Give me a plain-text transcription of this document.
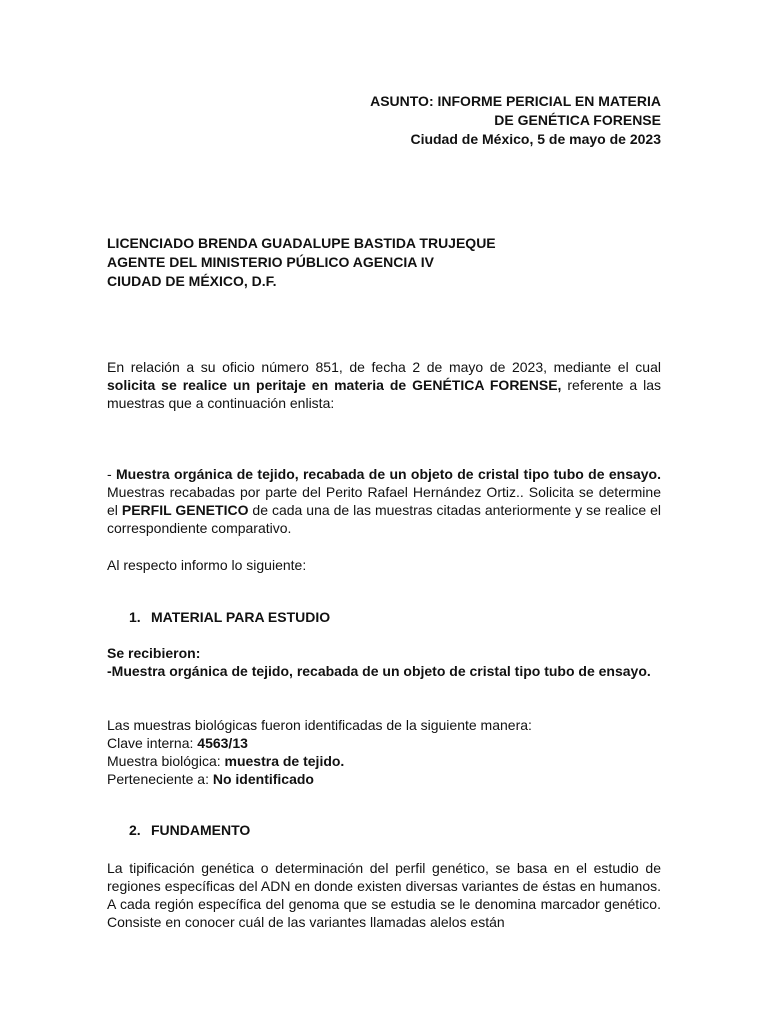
ASUNTO: INFORME PERICIAL EN MATERIA
DE GENÉTICA FORENSE
Ciudad de México, 5 de mayo de 2023
LICENCIADO BRENDA GUADALUPE BASTIDA TRUJEQUE
AGENTE DEL MINISTERIO PÚBLICO AGENCIA IV
CIUDAD DE MÉXICO, D.F.

En relación a su oficio número 851, de fecha 2 de mayo de 2023, mediante el cual solicita se realice un peritaje en materia de GENÉTICA FORENSE, referente a las muestras que a continuación enlista:

- Muestra orgánica de tejido, recabada de un objeto de cristal tipo tubo de ensayo. Muestras recabadas por parte del Perito Rafael Hernández Ortiz.. Solicita se determine el PERFIL GENETICO de cada una de las muestras citadas anteriormente y se realice el correspondiente comparativo.

Al respecto informo lo siguiente:

1. MATERIAL PARA ESTUDIO
Se recibieron:
-Muestra orgánica de tejido, recabada de un objeto de cristal tipo tubo de ensayo.
Las muestras biológicas fueron identificadas de la siguiente manera:
Clave interna: 4563/13
Muestra biológica: muestra de tejido.
Perteneciente a: No identificado
2. FUNDAMENTO

La tipificación genética o determinación del perfil genético, se basa en el estudio de regiones específicas del ADN en donde existen diversas variantes de éstas en humanos. A cada región específica del genoma que se estudia se le denomina marcador genético. Consiste en conocer cuál de las variantes llamadas alelos están
